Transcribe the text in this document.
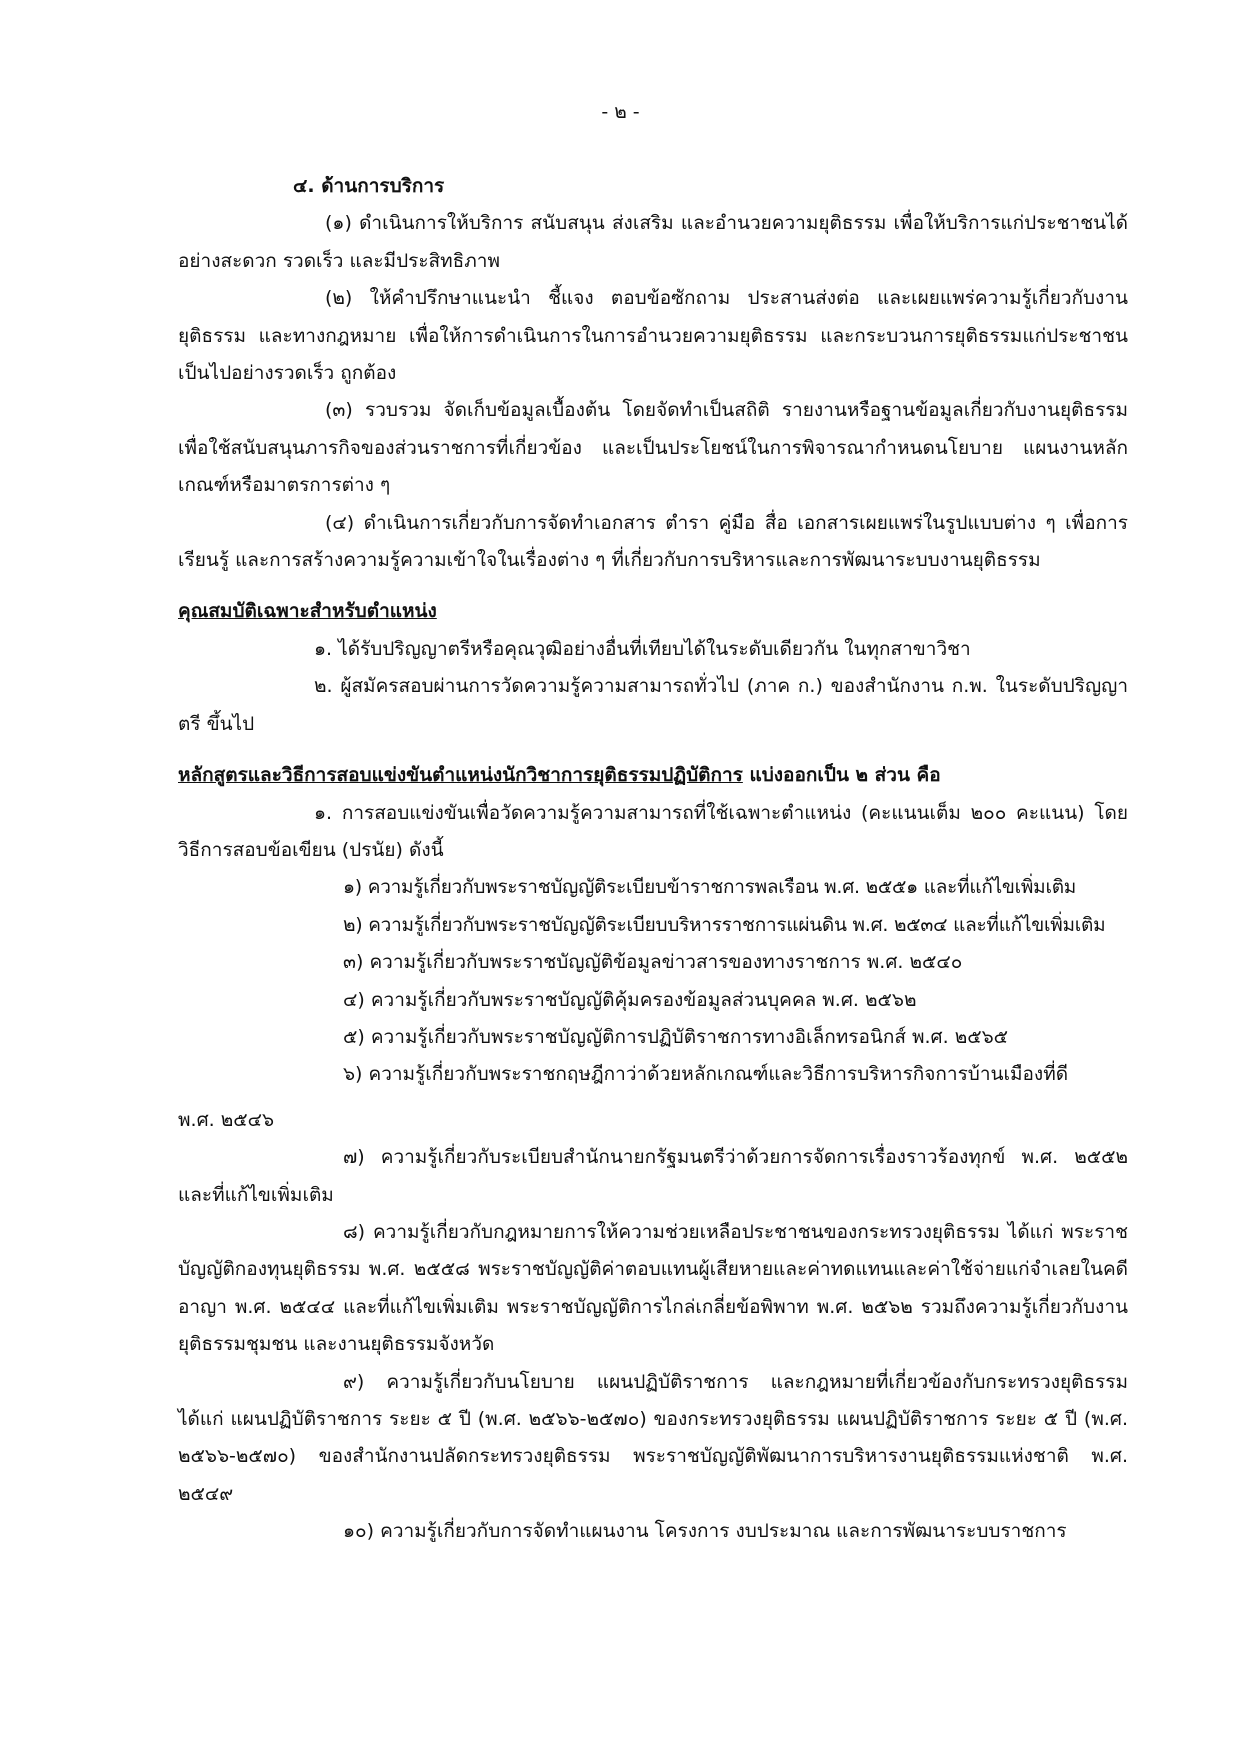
- ๒ -

๔. ด้านการบริการ

(๑) ดำเนินการให้บริการ สนับสนุน ส่งเสริม และอำนวยความยุติธรรม เพื่อให้บริการแก่ประชาชนได้อย่างสะดวก รวดเร็ว และมีประสิทธิภาพ

(๒) ให้คำปรึกษาแนะนำ ชี้แจง ตอบข้อซักถาม ประสานส่งต่อ และเผยแพร่ความรู้เกี่ยวกับงานยุติธรรม และทางกฎหมาย เพื่อให้การดำเนินการในการอำนวยความยุติธรรม และกระบวนการยุติธรรมแก่ประชาชน เป็นไปอย่างรวดเร็ว ถูกต้อง

(๓) รวบรวม จัดเก็บข้อมูลเบื้องต้น โดยจัดทำเป็นสถิติ รายงานหรือฐานข้อมูลเกี่ยวกับงานยุติธรรมเพื่อใช้สนับสนุนภารกิจของส่วนราชการที่เกี่ยวข้อง และเป็นประโยชน์ในการพิจารณากำหนดนโยบาย แผนงานหลักเกณฑ์หรือมาตรการต่าง ๆ

(๔) ดำเนินการเกี่ยวกับการจัดทำเอกสาร ตำรา คู่มือ สื่อ เอกสารเผยแพร่ในรูปแบบต่าง ๆ เพื่อการเรียนรู้ และการสร้างความรู้ความเข้าใจในเรื่องต่าง ๆ ที่เกี่ยวกับการบริหารและการพัฒนาระบบงานยุติธรรม

คุณสมบัติเฉพาะสำหรับตำแหน่ง

๑. ได้รับปริญญาตรีหรือคุณวุฒิอย่างอื่นที่เทียบได้ในระดับเดียวกัน ในทุกสาขาวิชา

๒. ผู้สมัครสอบผ่านการวัดความรู้ความสามารถทั่วไป (ภาค ก.) ของสำนักงาน ก.พ. ในระดับปริญญาตรี ขึ้นไป

หลักสูตรและวิธีการสอบแข่งขันตำแหน่งนักวิชาการยุติธรรมปฏิบัติการ แบ่งออกเป็น ๒ ส่วน คือ

๑. การสอบแข่งขันเพื่อวัดความรู้ความสามารถที่ใช้เฉพาะตำแหน่ง (คะแนนเต็ม ๒๐๐ คะแนน) โดยวิธีการสอบข้อเขียน (ปรนัย) ดังนี้

๑) ความรู้เกี่ยวกับพระราชบัญญัติระเบียบข้าราชการพลเรือน พ.ศ. ๒๕๕๑ และที่แก้ไขเพิ่มเติม

๒) ความรู้เกี่ยวกับพระราชบัญญัติระเบียบบริหารราชการแผ่นดิน พ.ศ. ๒๕๓๔ และที่แก้ไขเพิ่มเติม

๓) ความรู้เกี่ยวกับพระราชบัญญัติข้อมูลข่าวสารของทางราชการ พ.ศ. ๒๕๔๐

๔) ความรู้เกี่ยวกับพระราชบัญญัติคุ้มครองข้อมูลส่วนบุคคล พ.ศ. ๒๕๖๒

๕) ความรู้เกี่ยวกับพระราชบัญญัติการปฏิบัติราชการทางอิเล็กทรอนิกส์ พ.ศ. ๒๕๖๕

๖) ความรู้เกี่ยวกับพระราชกฤษฎีกาว่าด้วยหลักเกณฑ์และวิธีการบริหารกิจการบ้านเมืองที่ดี

พ.ศ. ๒๕๔๖

๗) ความรู้เกี่ยวกับระเบียบสำนักนายกรัฐมนตรีว่าด้วยการจัดการเรื่องราวร้องทุกข์ พ.ศ. ๒๕๕๒ และที่แก้ไขเพิ่มเติม

๘) ความรู้เกี่ยวกับกฎหมายการให้ความช่วยเหลือประชาชนของกระทรวงยุติธรรม ได้แก่ พระราชบัญญัติกองทุนยุติธรรม พ.ศ. ๒๕๕๘ พระราชบัญญัติค่าตอบแทนผู้เสียหายและค่าทดแทนและค่าใช้จ่ายแก่จำเลยในคดีอาญา พ.ศ. ๒๕๔๔ และที่แก้ไขเพิ่มเติม พระราชบัญญัติการไกล่เกลี่ยข้อพิพาท พ.ศ. ๒๕๖๒ รวมถึงความรู้เกี่ยวกับงานยุติธรรมชุมชน และงานยุติธรรมจังหวัด

๙) ความรู้เกี่ยวกับนโยบาย แผนปฏิบัติราชการ และกฎหมายที่เกี่ยวข้องกับกระทรวงยุติธรรม ได้แก่ แผนปฏิบัติราชการ ระยะ ๕ ปี (พ.ศ. ๒๕๖๖-๒๕๗๐) ของกระทรวงยุติธรรม แผนปฏิบัติราชการ ระยะ ๕ ปี (พ.ศ. ๒๕๖๖-๒๕๗๐) ของสำนักงานปลัดกระทรวงยุติธรรม พระราชบัญญัติพัฒนาการบริหารงานยุติธรรมแห่งชาติ พ.ศ. ๒๕๔๙

๑๐) ความรู้เกี่ยวกับการจัดทำแผนงาน โครงการ งบประมาณ และการพัฒนาระบบราชการ
